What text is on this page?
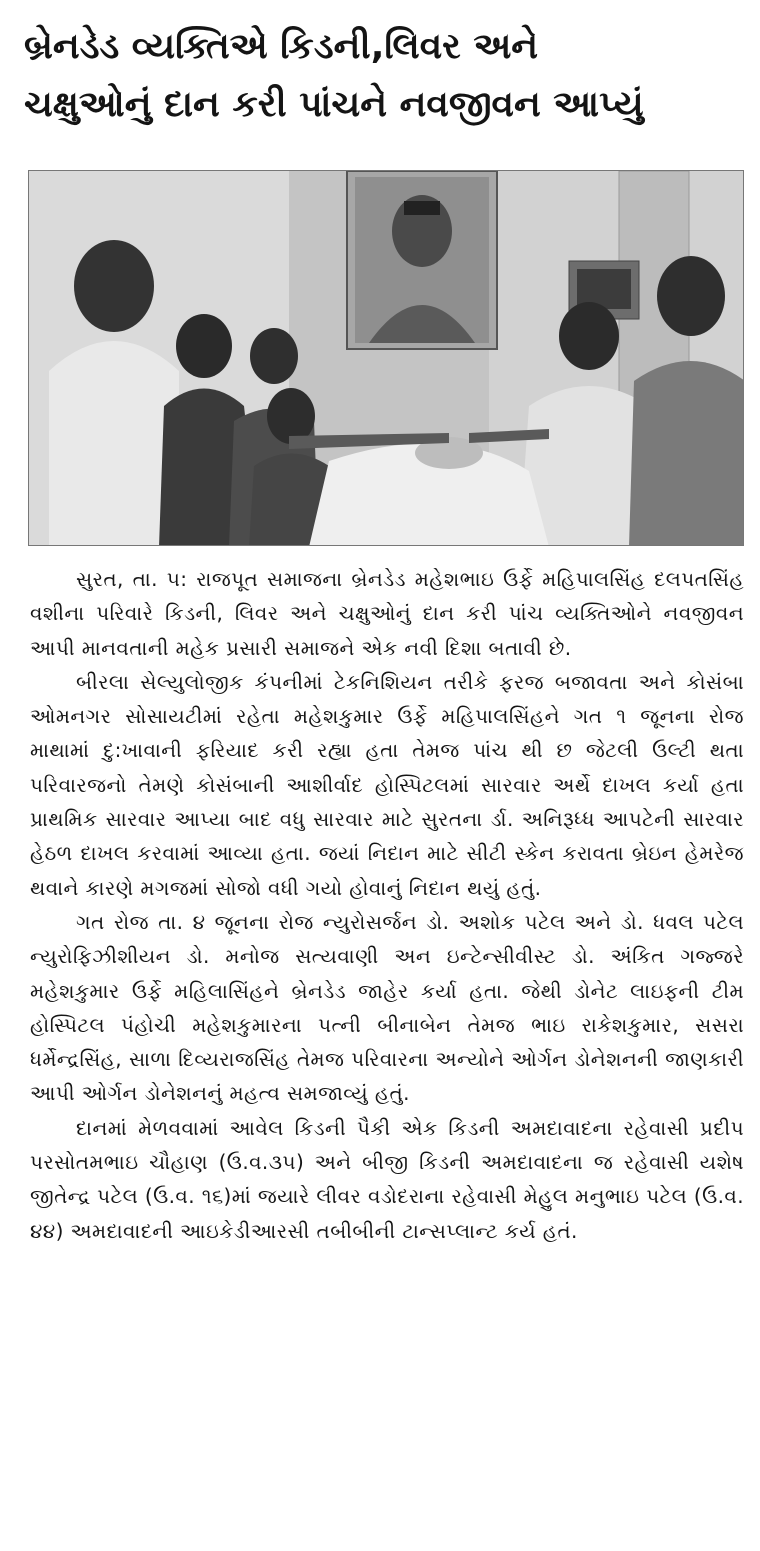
બ્રેનડેડ વ્યક્તિએ કિડની,લિવર અને
ચક્ષુઓનું દાન કરી પાંચને નવજીવન આપ્યું

સુરત, તા. ૫: રાજપૂત સમાજના બ્રેનડેડ મહેશભાઇ ઉર્ફે મહિપાલસિંહ દલપતસિંહ વશીના પરિવારે કિડની, લિવર અને ચક્ષુઓનું દાન કરી પાંચ વ્યક્તિઓને નવજીવન આપી માનવતાની મહેક પ્રસારી સમાજને એક નવી દિશા બતાવી છે.

બીરલા સેલ્યુલોજીક કંપનીમાં ટેકનિશિયન તરીકે ફરજ બજાવતા અને કોસંબા ઓમનગર સોસાયટીમાં રહેતા મહેશકુમાર ઉર્ફે મહિપાલસિંહને ગત ૧ જૂનના રોજ માથામાં દુ:ખાવાની ફરિયાદ કરી રહ્યા હતા તેમજ પાંચ થી છ જેટલી ઉલ્ટી થતા પરિવારજનો તેમણે કોસંબાની આશીર્વાદ હોસ્પિટલમાં સારવાર અર્થે દાખલ કર્યા હતા પ્રાથમિક સારવાર આપ્યા બાદ વધુ સારવાર માટે સુરતના ર્ડા. અનિરૂધ્ધ આપટેની સારવાર હેઠળ દાખલ કરવામાં આવ્યા હતા. જયાં નિદાન માટે સીટી સ્કેન કરાવતા બ્રેઇન હેમરેજ થવાને કારણે મગજમાં સોજો વધી ગયો હોવાનું નિદાન થયું હતું.

ગત રોજ તા. ૪ જૂનના રોજ ન્યુરોસર્જન ડો. અશોક પટેલ અને ડો. ધવલ પટેલ ન્યુરોફિઝીશીયન ડો. મનોજ સત્યવાણી અન ઇન્ટેન્સીવીસ્ટ ડો. અંકિત ગજ્જરે મહેશકુમાર ઉર્ફે મહિલાસિંહને બ્રેનડેડ જાહેર કર્યા હતા. જેથી ડોનેટ લાઇફની ટીમ હોસ્પિટલ પંહોચી મહેશકુમારના પત્ની બીનાબેન તેમજ ભાઇ રાકેશકુમાર, સસરા ધર્મેન્દ્રસિંહ, સાળા દિવ્યરાજસિંહ તેમજ પરિવારના અન્યોને ઓર્ગન ડોનેશનની જાણકારી આપી ઓર્ગન ડોનેશનનું મહત્વ સમજાવ્યું હતું.

દાનમાં મેળવવામાં આવેલ કિડની પૈકી એક કિડની અમદાવાદના રહેવાસી પ્રદીપ પરસોતમભાઇ ચૌહાણ (ઉ.વ.૩૫) અને બીજી કિડની અમદાવાદના જ રહેવાસી યશેષ જીતેન્દ્ર પટેલ (ઉ.વ. ૧૬)માં જયારે લીવર વડોદરાના રહેવાસી મેહુલ મનુભાઇ પટેલ (ઉ.વ. ૪૪) અમદાવાદની આઇકેડીઆરસી તબીબીની ટાન્સપ્લાન્ટ કર્ય હતં.
